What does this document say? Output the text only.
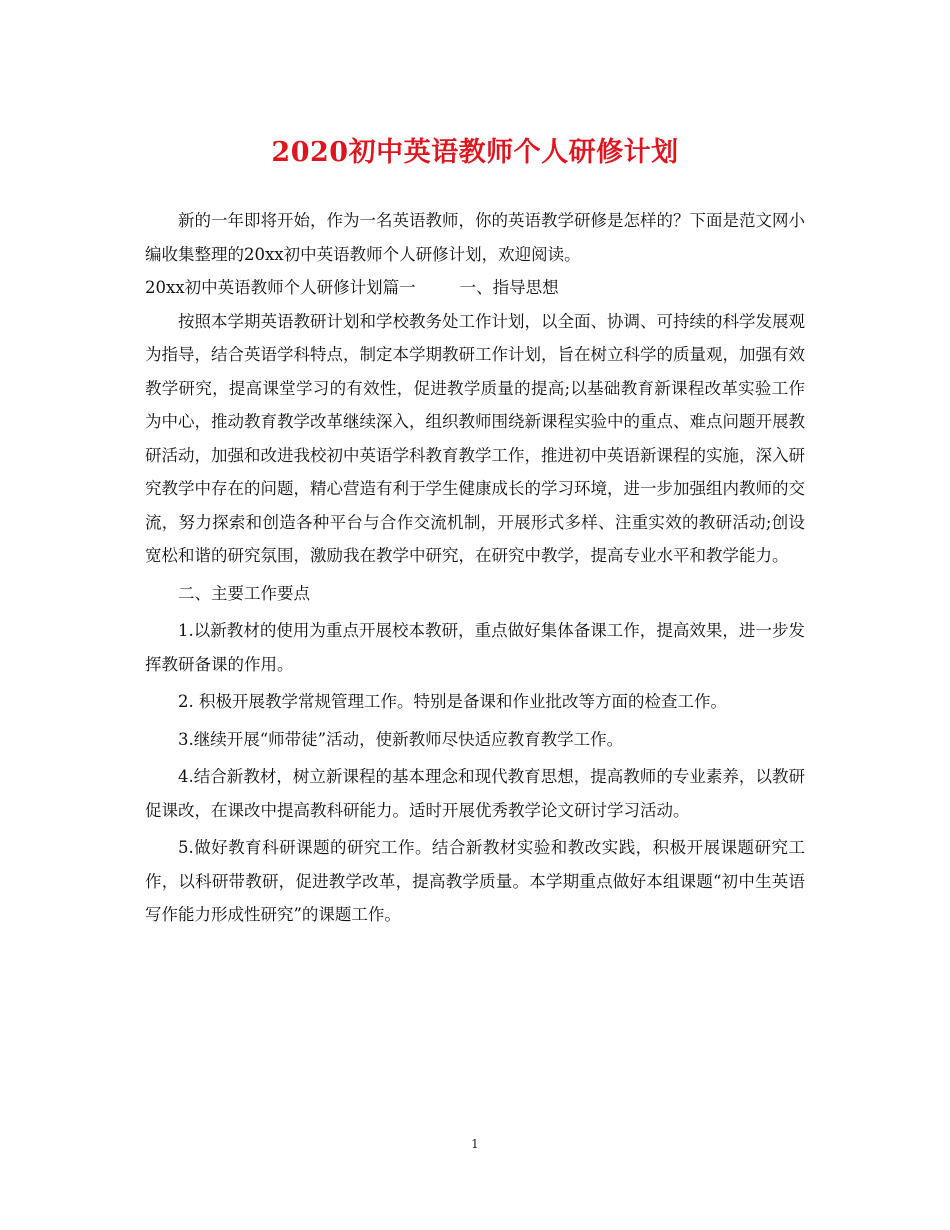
2020初中英语教师个人研修计划

新的一年即将开始，作为一名英语教师，你的英语教学研修是怎样的？下面是范文网小编收集整理的20xx初中英语教师个人研修计划，欢迎阅读。

20xx初中英语教师个人研修计划篇一	一、指导思想

按照本学期英语教研计划和学校教务处工作计划，以全面、协调、可持续的科学发展观为指导，结合英语学科特点，制定本学期教研工作计划，旨在树立科学的质量观，加强有效教学研究，提高课堂学习的有效性，促进教学质量的提高;以基础教育新课程改革实验工作为中心，推动教育教学改革继续深入，组织教师围绕新课程实验中的重点、难点问题开展教研活动，加强和改进我校初中英语学科教育教学工作，推进初中英语新课程的实施，深入研究教学中存在的问题，精心营造有利于学生健康成长的学习环境，进一步加强组内教师的交流，努力探索和创造各种平台与合作交流机制，开展形式多样、注重实效的教研活动;创设宽松和谐的研究氛围，激励我在教学中研究，在研究中教学，提高专业水平和教学能力。

二、主要工作要点

1.以新教材的使用为重点开展校本教研，重点做好集体备课工作，提高效果，进一步发挥教研备课的作用。

2. 积极开展教学常规管理工作。特别是备课和作业批改等方面的检查工作。

3.继续开展“师带徒”活动，使新教师尽快适应教育教学工作。

4.结合新教材，树立新课程的基本理念和现代教育思想，提高教师的专业素养，以教研促课改，在课改中提高教科研能力。适时开展优秀教学论文研讨学习活动。

5.做好教育科研课题的研究工作。结合新教材实验和教改实践，积极开展课题研究工作，以科研带教研，促进教学改革，提高教学质量。本学期重点做好本组课题“初中生英语写作能力形成性研究”的课题工作。

1
